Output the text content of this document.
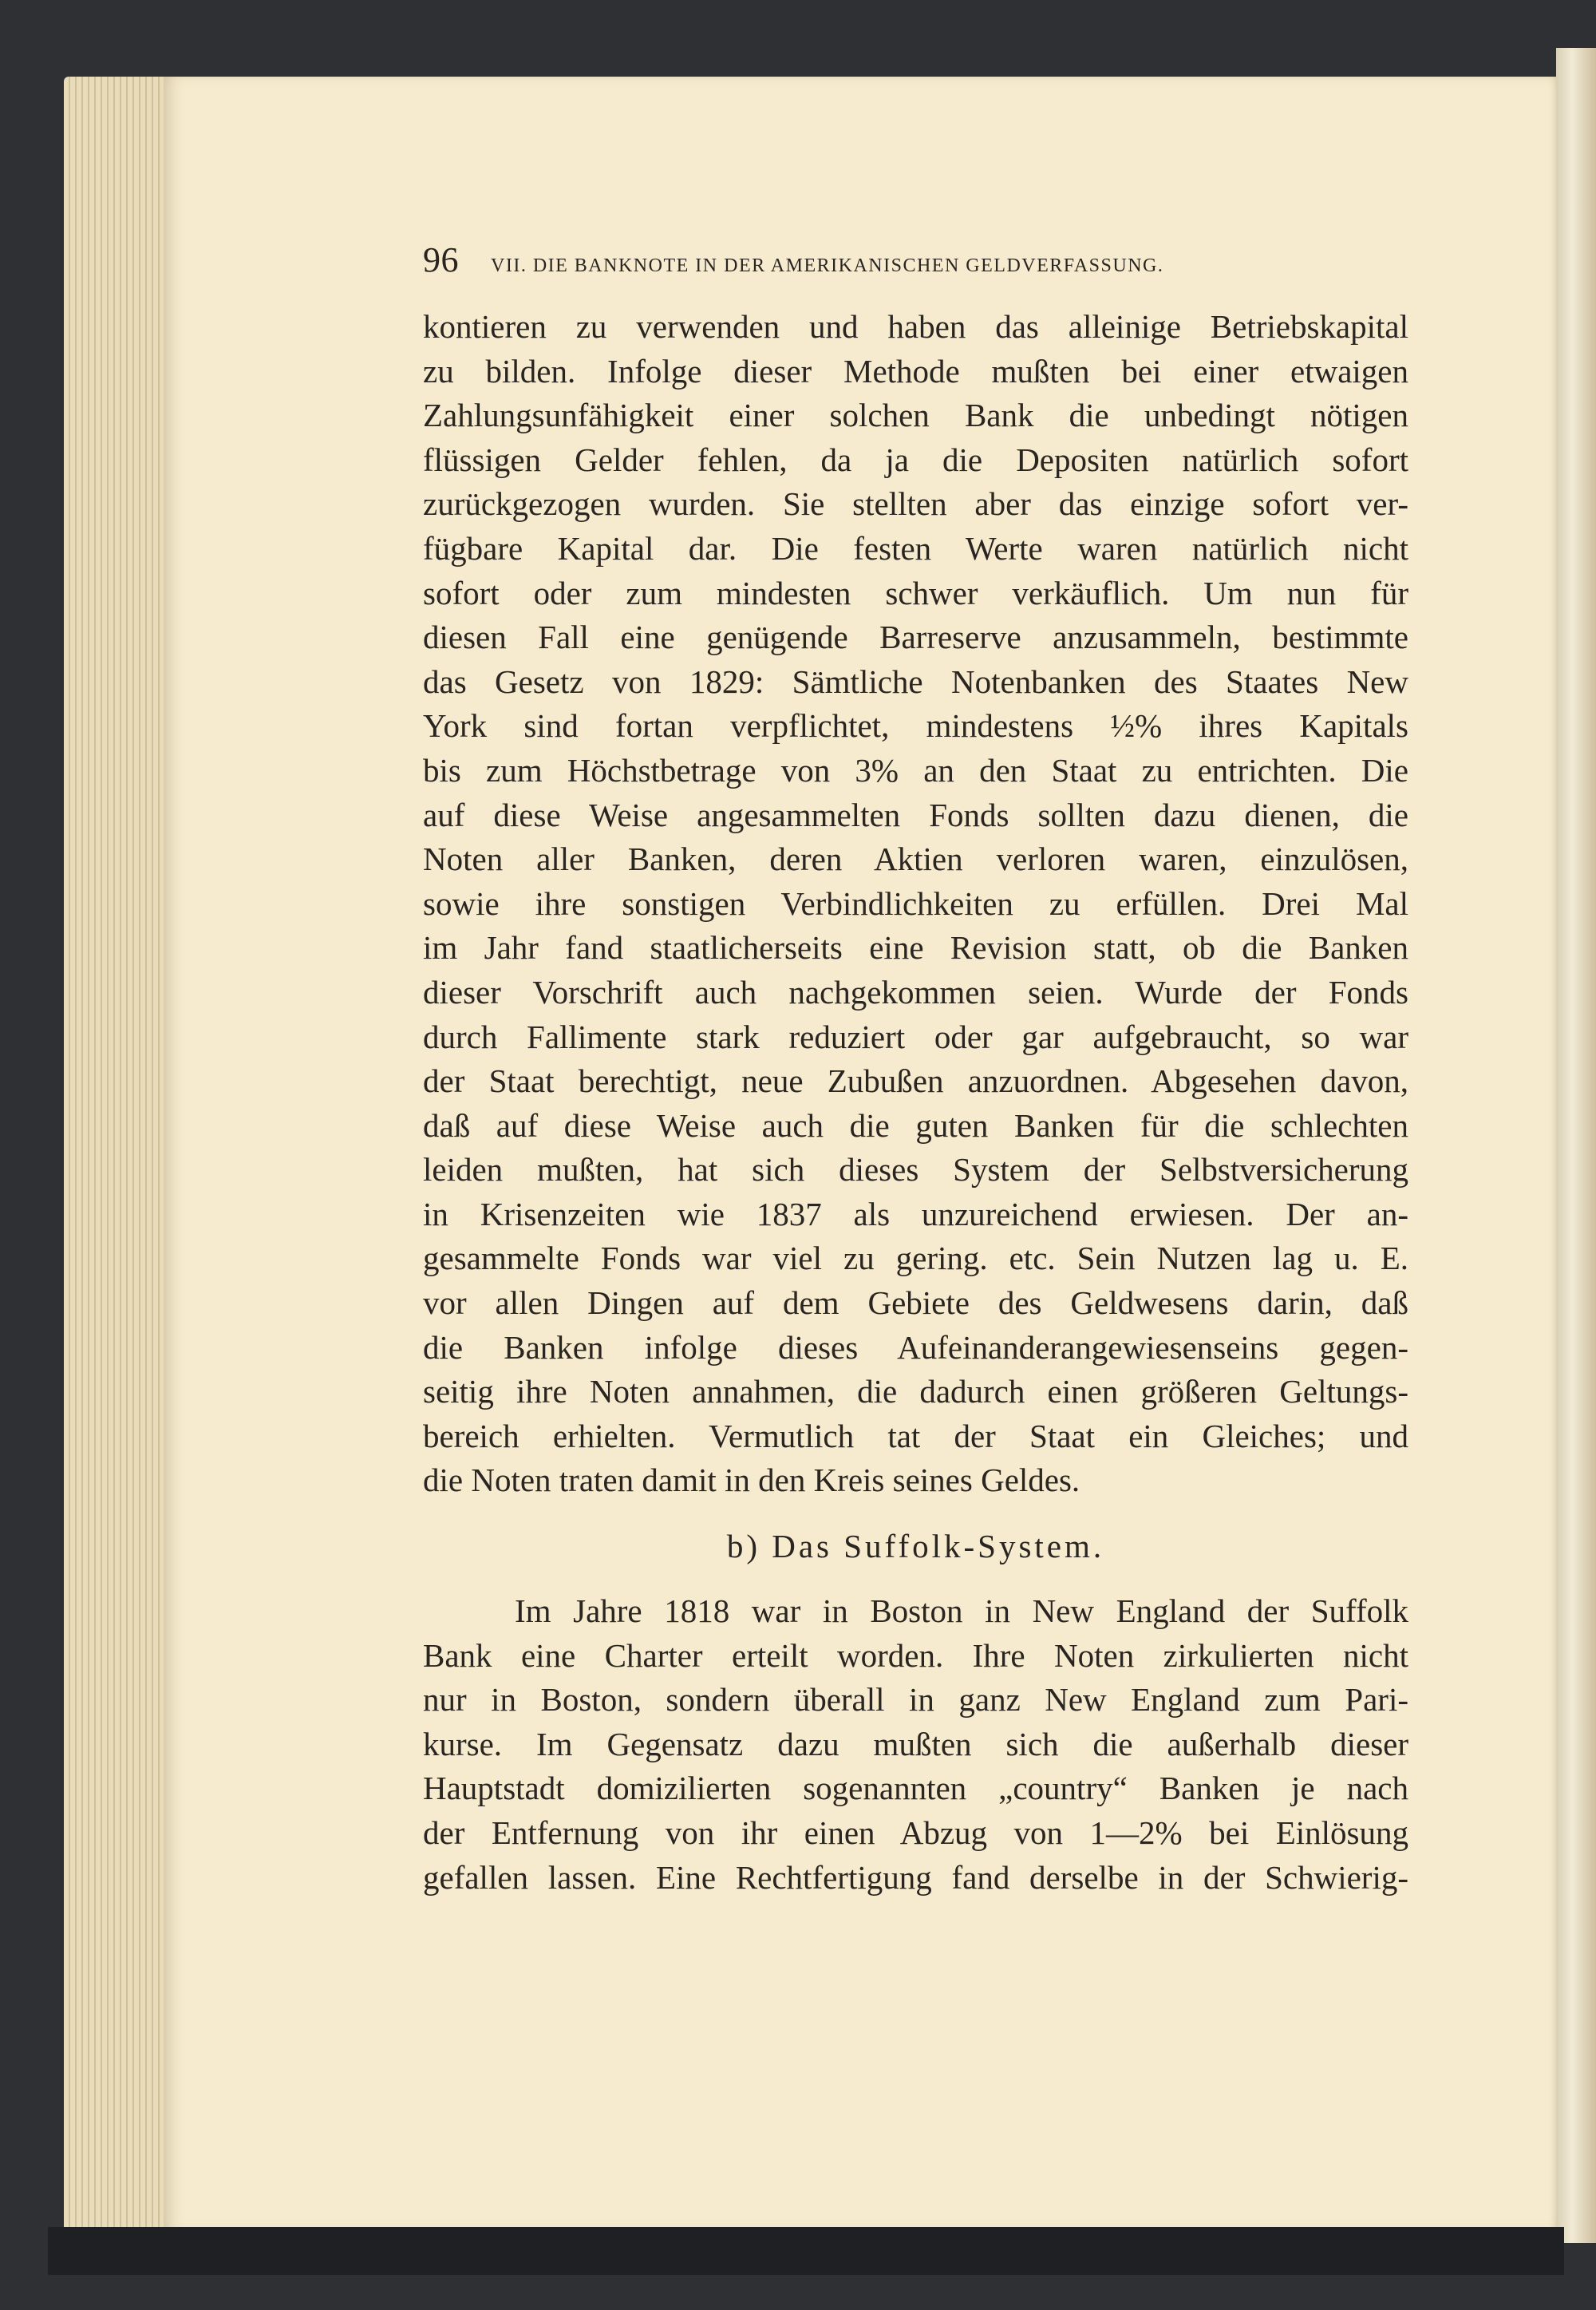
96 VII. DIE BANKNOTE IN DER AMERIKANISCHEN GELDVERFASSUNG.
kontieren zu verwenden und haben das alleinige Betriebskapital
zu bilden. Infolge dieser Methode mußten bei einer etwaigen
Zahlungsunfähigkeit einer solchen Bank die unbedingt nötigen
flüssigen Gelder fehlen, da ja die Depositen natürlich sofort
zurückgezogen wurden. Sie stellten aber das einzige sofort ver-
fügbare Kapital dar. Die festen Werte waren natürlich nicht
sofort oder zum mindesten schwer verkäuflich. Um nun für
diesen Fall eine genügende Barreserve anzusammeln, bestimmte
das Gesetz von 1829: Sämtliche Notenbanken des Staates New
York sind fortan verpflichtet, mindestens ½% ihres Kapitals
bis zum Höchstbetrage von 3% an den Staat zu entrichten. Die
auf diese Weise angesammelten Fonds sollten dazu dienen, die
Noten aller Banken, deren Aktien verloren waren, einzulösen,
sowie ihre sonstigen Verbindlichkeiten zu erfüllen. Drei Mal
im Jahr fand staatlicherseits eine Revision statt, ob die Banken
dieser Vorschrift auch nachgekommen seien. Wurde der Fonds
durch Fallimente stark reduziert oder gar aufgebraucht, so war
der Staat berechtigt, neue Zubußen anzuordnen. Abgesehen davon,
daß auf diese Weise auch die guten Banken für die schlechten
leiden mußten, hat sich dieses System der Selbstversicherung
in Krisenzeiten wie 1837 als unzureichend erwiesen. Der an-
gesammelte Fonds war viel zu gering. etc. Sein Nutzen lag u. E.
vor allen Dingen auf dem Gebiete des Geldwesens darin, daß
die Banken infolge dieses Aufeinanderangewiesenseins gegen-
seitig ihre Noten annahmen, die dadurch einen größeren Geltungs-
bereich erhielten. Vermutlich tat der Staat ein Gleiches; und
die Noten traten damit in den Kreis seines Geldes.
b) Das Suffolk-System.
Im Jahre 1818 war in Boston in New England der Suffolk
Bank eine Charter erteilt worden. Ihre Noten zirkulierten nicht
nur in Boston, sondern überall in ganz New England zum Pari-
kurse. Im Gegensatz dazu mußten sich die außerhalb dieser
Hauptstadt domizilierten sogenannten „country“ Banken je nach
der Entfernung von ihr einen Abzug von 1—2% bei Einlösung
gefallen lassen. Eine Rechtfertigung fand derselbe in der Schwierig-
